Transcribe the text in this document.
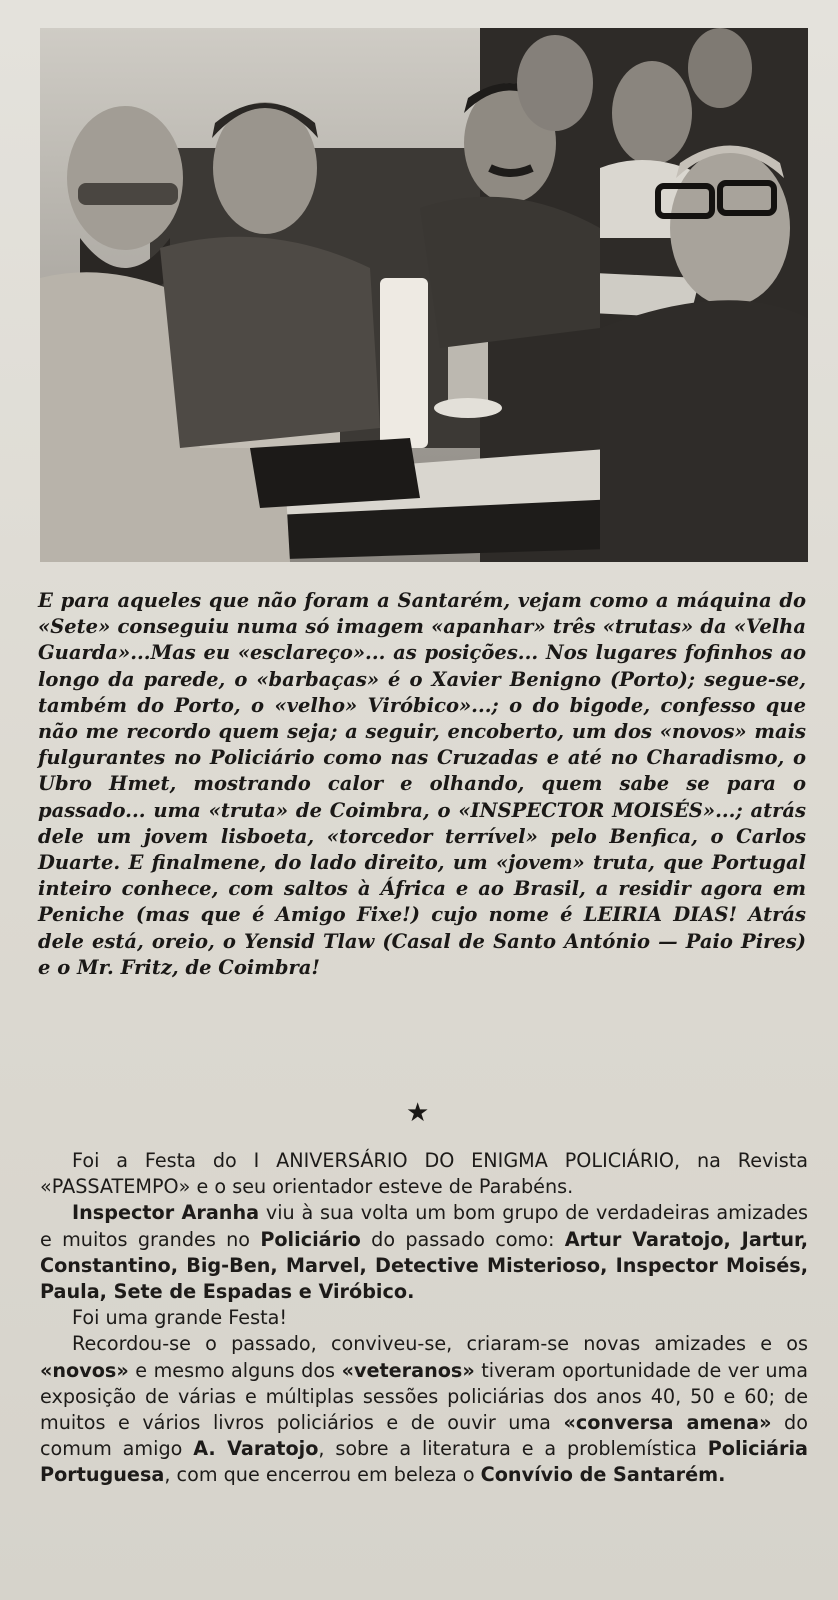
E para aqueles que não foram a Santarém, vejam como a máquina do «Sete» conseguiu numa só imagem «apanhar» três «trutas» da «Velha Guarda»...Mas eu «esclareço»... as posições... Nos lugares fofinhos ao longo da parede, o «barbaças» é o Xavier Benigno (Porto); segue-se, também do Porto, o «velho» Viróbico»...; o do bigode, confesso que não me recordo quem seja; a seguir, encoberto, um dos «novos» mais fulgurantes no Policiário como nas Cruzadas e até no Charadismo, o Ubro Hmet, mostrando calor e olhando, quem sabe se para o passado... uma «truta» de Coimbra, o «INSPECTOR MOISÉS»...; atrás dele um jovem lisboeta, «torcedor terrível» pelo Benfica, o Carlos Duarte. E finalmene, do lado direito, um «jovem» truta, que Portugal inteiro conhece, com saltos à África e ao Brasil, a residir agora em Peniche (mas que é Amigo Fixe!) cujo nome é LEIRIA DIAS! Atrás dele está, oreio, o Yensid Tlaw (Casal de Santo António — Paio Pires) e o Mr. Fritz, de Coimbra!

★

Foi a Festa do I ANIVERSÁRIO DO ENIGMA POLICIÁRIO, na Revista «PASSATEMPO» e o seu orientador esteve de Parabéns.

Inspector Aranha viu à sua volta um bom grupo de verdadeiras amizades e muitos grandes no Policiário do passado como: Artur Varatojo, Jartur, Constantino, Big-Ben, Marvel, Detective Misterioso, Inspector Moisés, Paula, Sete de Espadas e Viróbico.

Foi uma grande Festa!

Recordou-se o passado, conviveu-se, criaram-se novas amizades e os «novos» e mesmo alguns dos «veteranos» tiveram oportunidade de ver uma exposição de várias e múltiplas sessões policiárias dos anos 40, 50 e 60; de muitos e vários livros policiários e de ouvir uma «conversa amena» do comum amigo A. Varatojo, sobre a literatura e a problemística Policiária Portuguesa, com que encerrou em beleza o Convívio de Santarém.
